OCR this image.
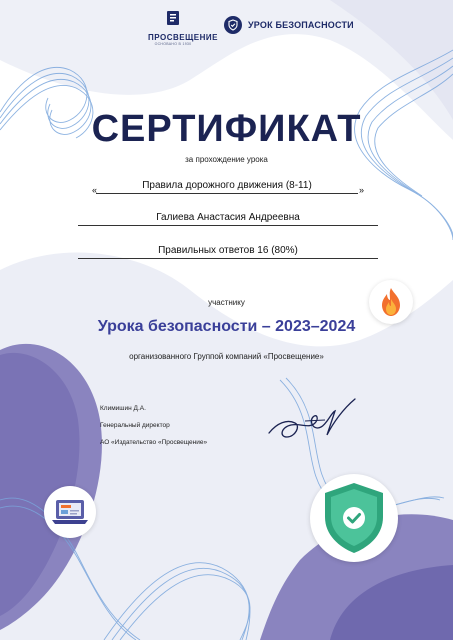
ПРОСВЕЩЕНИЕ
ОСНОВАНО В 1930
УРОК БЕЗОПАСНОСТИ
СЕРТИФИКАТ
за прохождение урока
«	Правила дорожного движения (8-11)	»
Галиева Анастасия Андреевна
Правильных ответов 16 (80%)
участнику
Урока безопасности – 2023–2024
организованного Группой компаний «Просвещение»
Климишин Д.А.
Генеральный директор
АО «Издательство «Просвещение»
